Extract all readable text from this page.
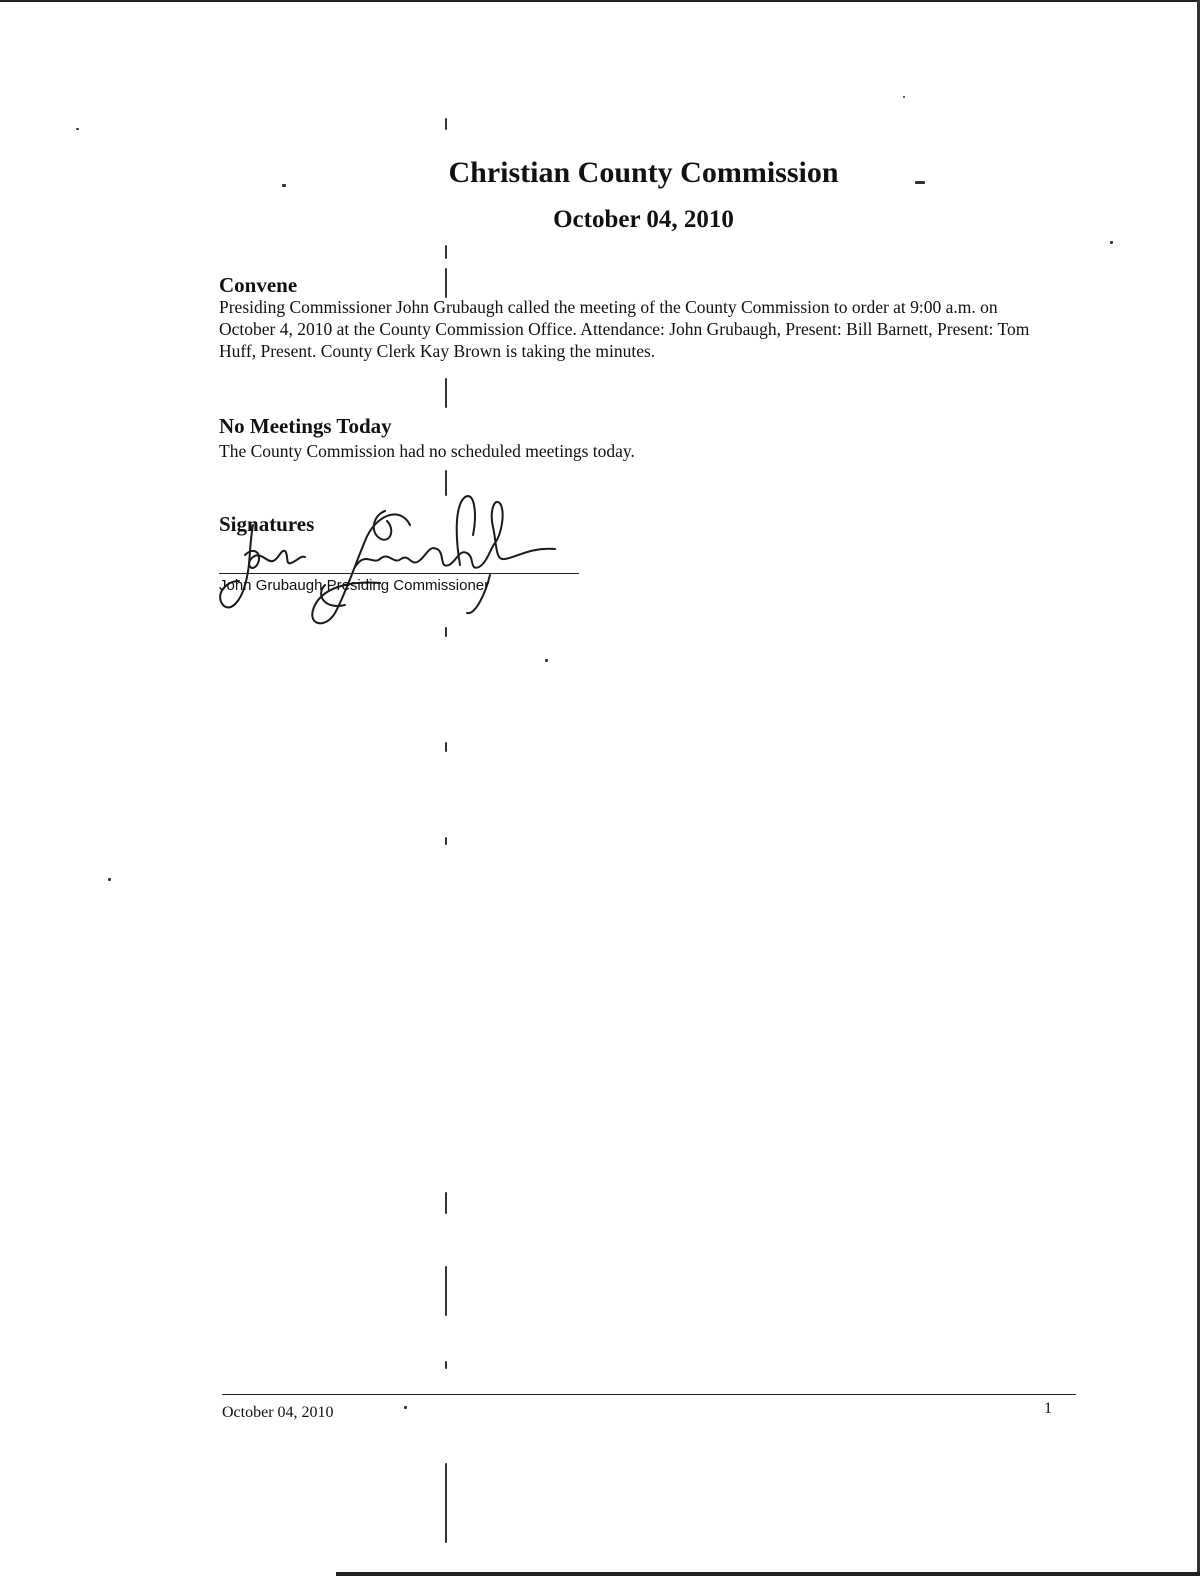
Christian County Commission
October 04, 2010
Convene
Presiding Commissioner John Grubaugh called the meeting of the County Commission to order at 9:00 a.m. on October 4, 2010 at the County Commission Office. Attendance: John Grubaugh, Present: Bill Barnett, Present: Tom Huff, Present. County Clerk Kay Brown is taking the minutes.
No Meetings Today
The County Commission had no scheduled meetings today.
Signatures
John Grubaugh Presiding Commissioner
October 04, 2010	1
